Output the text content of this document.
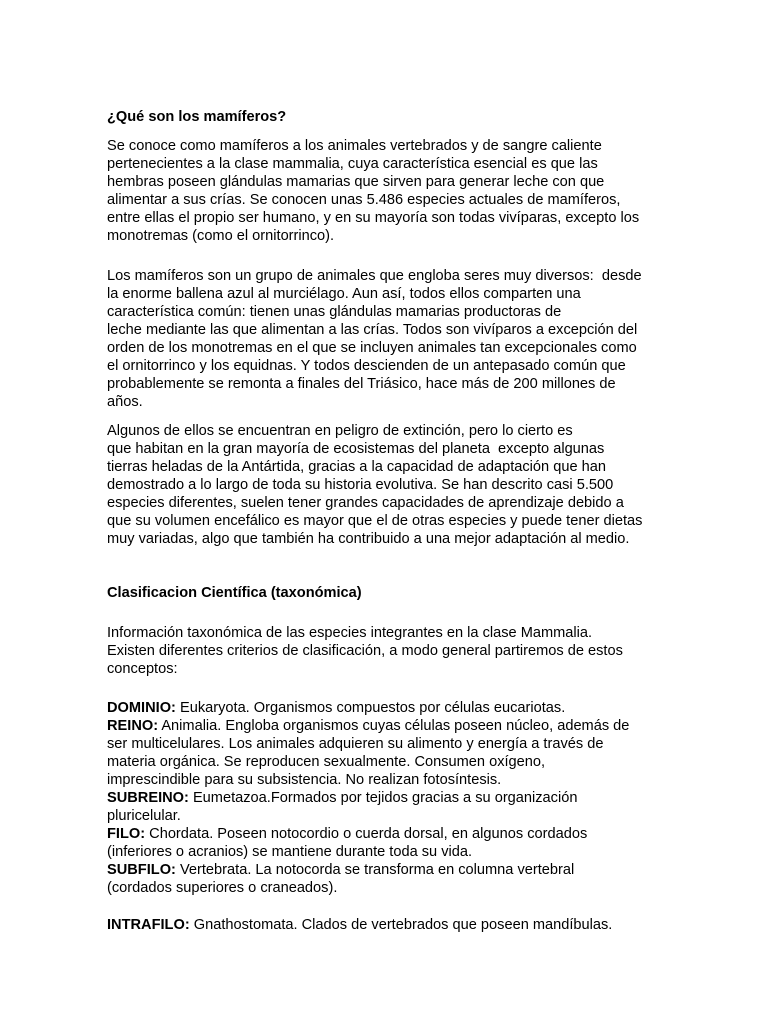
¿Qué son los mamíferos?

Se conoce como mamíferos a los animales vertebrados y de sangre caliente
pertenecientes a la clase mammalia, cuya característica esencial es que las
hembras poseen glándulas mamarias que sirven para generar leche con que
alimentar a sus crías. Se conocen unas 5.486 especies actuales de mamíferos,
entre ellas el propio ser humano, y en su mayoría son todas vivíparas, excepto los
monotremas (como el ornitorrinco).

Los mamíferos son un grupo de animales que engloba seres muy diversos:  desde
la enorme ballena azul al murciélago. Aun así, todos ellos comparten una
característica común: tienen unas glándulas mamarias productoras de
leche mediante las que alimentan a las crías. Todos son vivíparos a excepción del
orden de los monotremas en el que se incluyen animales tan excepcionales como
el ornitorrinco y los equidnas. Y todos descienden de un antepasado común que
probablemente se remonta a finales del Triásico, hace más de 200 millones de
años.

Algunos de ellos se encuentran en peligro de extinción, pero lo cierto es
que habitan en la gran mayoría de ecosistemas del planeta  excepto algunas
tierras heladas de la Antártida, gracias a la capacidad de adaptación que han
demostrado a lo largo de toda su historia evolutiva. Se han descrito casi 5.500
especies diferentes, suelen tener grandes capacidades de aprendizaje debido a
que su volumen encefálico es mayor que el de otras especies y puede tener dietas
muy variadas, algo que también ha contribuido a una mejor adaptación al medio.

Clasificacion Científica (taxonómica)

Información taxonómica de las especies integrantes en la clase Mammalia.
Existen diferentes criterios de clasificación, a modo general partiremos de estos
conceptos:

DOMINIO: Eukaryota. Organismos compuestos por células eucariotas.
REINO: Animalia. Engloba organismos cuyas células poseen núcleo, además de
ser multicelulares. Los animales adquieren su alimento y energía a través de
materia orgánica. Se reproducen sexualmente. Consumen oxígeno,
imprescindible para su subsistencia. No realizan fotosíntesis.
SUBREINO: Eumetazoa.Formados por tejidos gracias a su organización
pluricelular.
FILO: Chordata. Poseen notocordio o cuerda dorsal, en algunos cordados
(inferiores o acranios) se mantiene durante toda su vida.
SUBFILO: Vertebrata. La notocorda se transforma en columna vertebral
(cordados superiores o craneados).
INTRAFILO: Gnathostomata. Clados de vertebrados que poseen mandíbulas.
